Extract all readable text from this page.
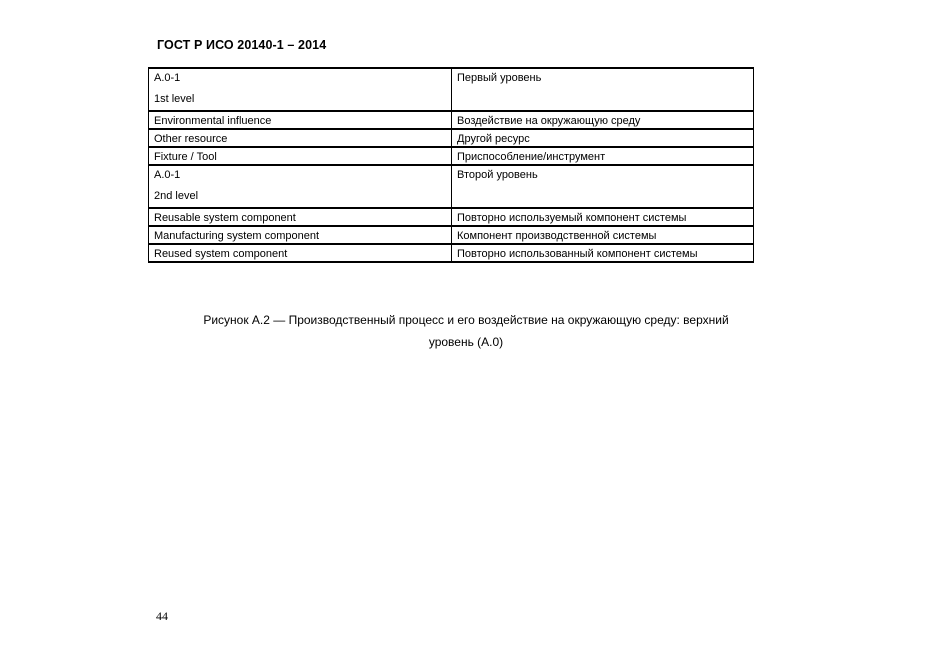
ГОСТ Р ИСО 20140-1 – 2014
A.0-1
1st level	Первый уровень
Environmental influence	Воздействие на окружающую среду
Other resource	Другой ресурс
Fixture / Tool	Приспособление/инструмент
A.0-1
2nd level	Второй уровень
Reusable system component	Повторно используемый компонент системы
Manufacturing system component	Компонент производственной системы
Reused system component	Повторно использованный компонент системы
Рисунок А.2 — Производственный процесс и его воздействие на окружающую среду: верхний
уровень (А.0)
44
